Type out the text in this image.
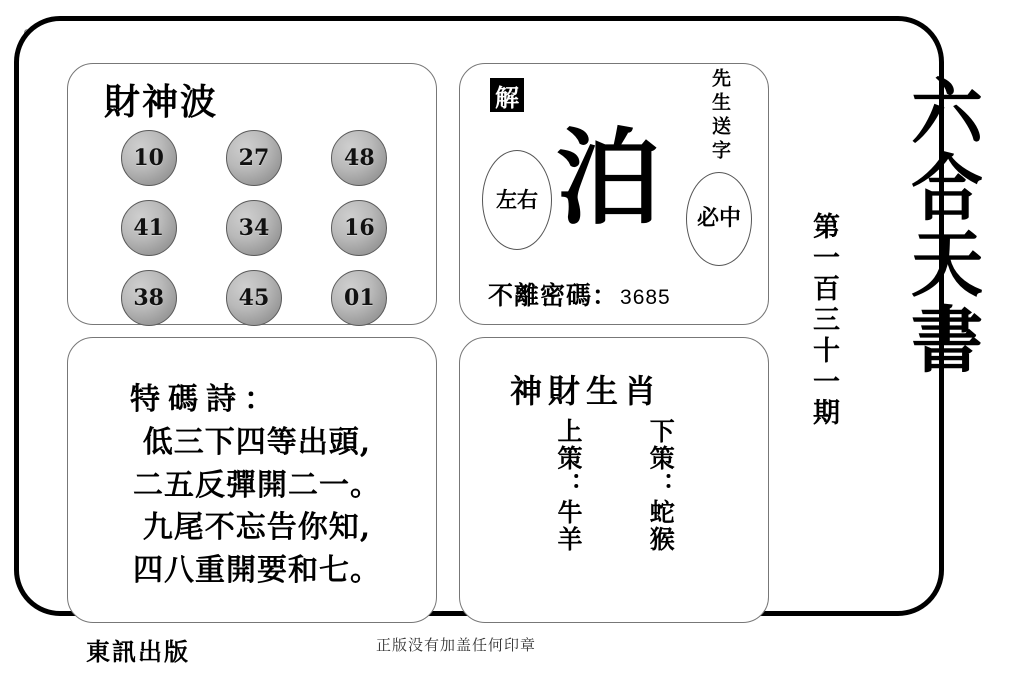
財神波
10	27	48
41	34	16
38	45	01
解
左右 泊	先生送字
必中
不離密碼： 3685
特碼詩：
低三下四等出頭,
二五反彈開二一。
九尾不忘告你知,
四八重開要和七。
神財生肖
上策：牛羊	下策：蛇猴
六合天書
第一百三十一期
東訊出版	正版没有加盖任何印章
